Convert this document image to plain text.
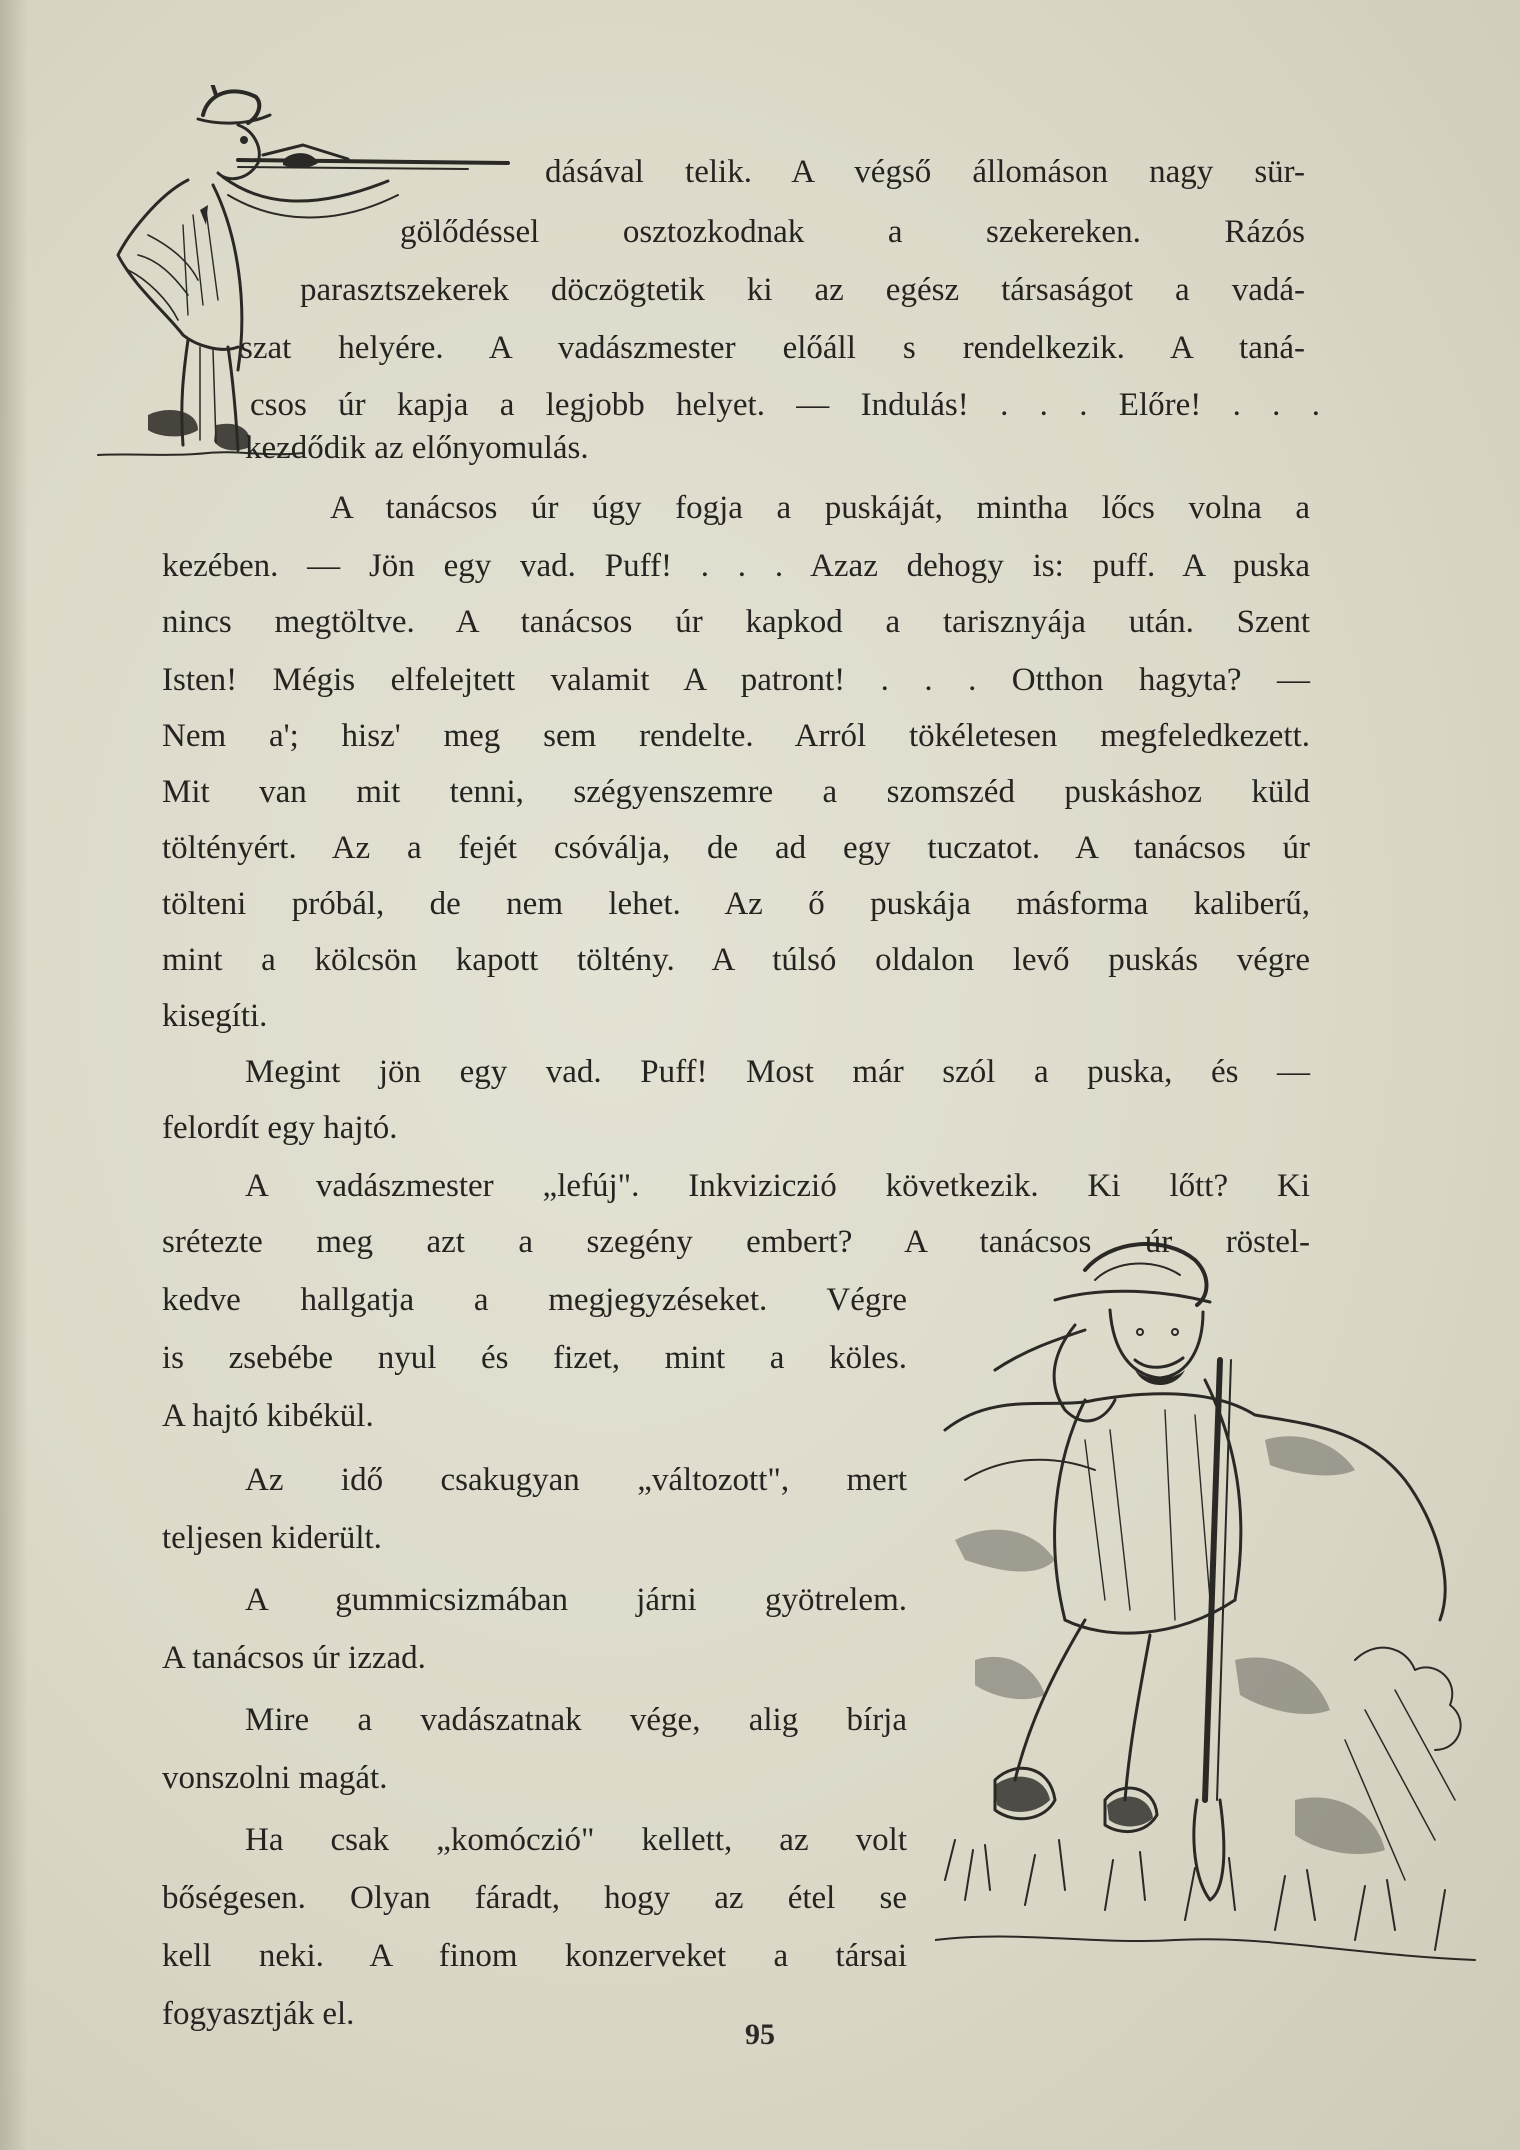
dásával telik. A végső állomáson nagy sür-

gölődéssel osztozkodnak a szekereken. Rázós

parasztszekerek döczögtetik ki az egész társaságot a vadá-

szat helyére. A vadászmester előáll s rendelkezik. A taná-

csos úr kapja a legjobb helyet. — Indulás! . . . Előre! . . .

kezdődik az előnyomulás.

A tanácsos úr úgy fogja a puskáját, mintha lőcs volna a

kezében. — Jön egy vad. Puff! . . . Azaz dehogy is: puff. A puska

nincs megtöltve. A tanácsos úr kapkod a tarisznyája után. Szent

Isten! Mégis elfelejtett valamit A patront! . . . Otthon hagyta? —

Nem a'; hisz' meg sem rendelte. Arról tökéletesen megfeledkezett.

Mit van mit tenni, szégyenszemre a szomszéd puskáshoz küld

töltényért. Az a fejét csóválja, de ad egy tuczatot. A tanácsos úr

tölteni próbál, de nem lehet. Az ő puskája másforma kaliberű,

mint a kölcsön kapott töltény. A túlsó oldalon levő puskás végre

kisegíti.

Megint jön egy vad. Puff! Most már szól a puska, és —

felordít egy hajtó.

A vadászmester „lefúj". Inkviziczió következik. Ki lőtt? Ki

sréteztе meg azt a szegény embert? A tanácsos úr röstel-

kedve hallgatja a megjegyzéseket. Végre

is zsebébe nyul és fizet, mint a köles.

A hajtó kibékül.

Az idő csakugyan „változott", mert

teljesen kiderült.

A gummicsizmában járni gyötrelem.

A tanácsos úr izzad.

Mire a vadászatnak vége, alig bírja

vonszolni magát.

Ha csak „komóczió" kellett, az volt

bőségesen. Olyan fáradt, hogy az étel se

kell neki. A finom konzerveket a társai

fogyasztják el.

95
